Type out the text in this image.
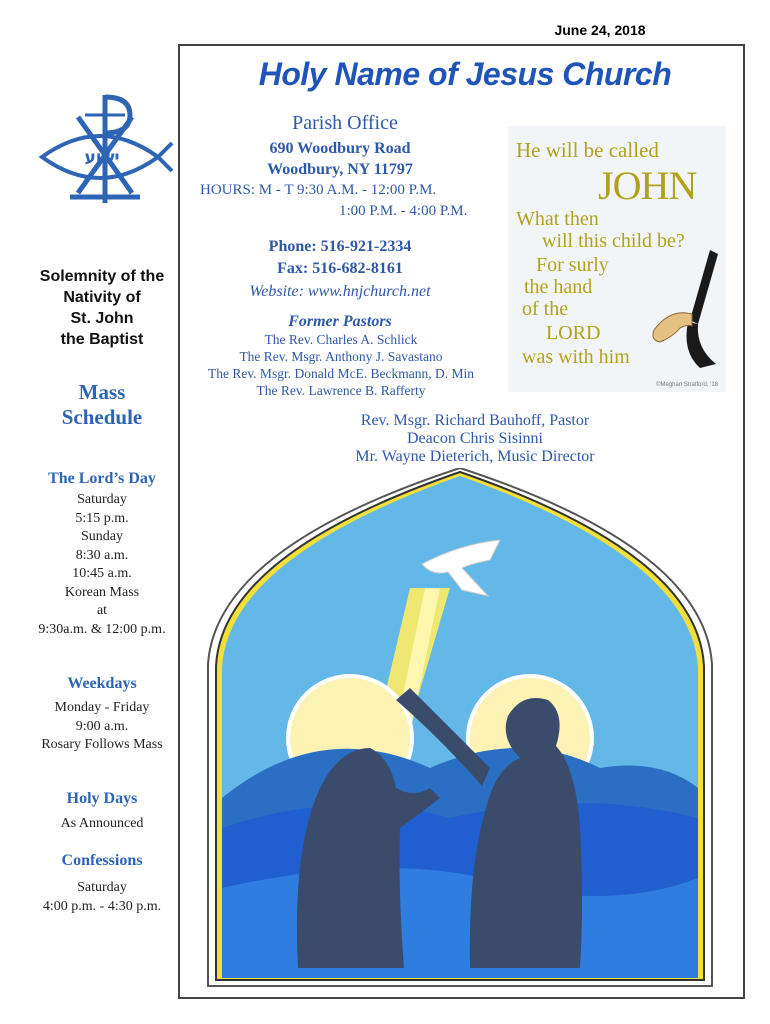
June 24, 2018
ישוע
Solemnity of the
Nativity of
St. John
the Baptist
Mass
Schedule
The Lord’s Day
Saturday
5:15 p.m.
Sunday
8:30 a.m.
10:45 a.m.
Korean Mass
at
9:30a.m. & 12:00 p.m.
Weekdays
Monday - Friday
9:00 a.m.
Rosary Follows Mass
Holy Days
As Announced
Confessions
Saturday
4:00 p.m. - 4:30 p.m.
Holy Name of Jesus Church
Parish Office
690 Woodbury Road
Woodbury, NY 11797
HOURS: M - T 9:30 A.M. - 12:00 P.M.
1:00 P.M. - 4:00 P.M.
Phone: 516-921-2334
Fax: 516-682-8161
Website: www.hnjchurch.net
Former Pastors
The Rev. Charles A. Schlick
The Rev. Msgr. Anthony J. Savastano
The Rev. Msgr. Donald McE. Beckmann, D. Min
The Rev. Lawrence B. Rafferty
Rev. Msgr. Richard Bauhoff, Pastor
Deacon Chris Sisinni
Mr. Wayne Dieterich, Music Director
He will be called
JOHN
What then
will this child be?
For surly
the hand
of the
LORD
was with him
©Meghan Stratford, '18
